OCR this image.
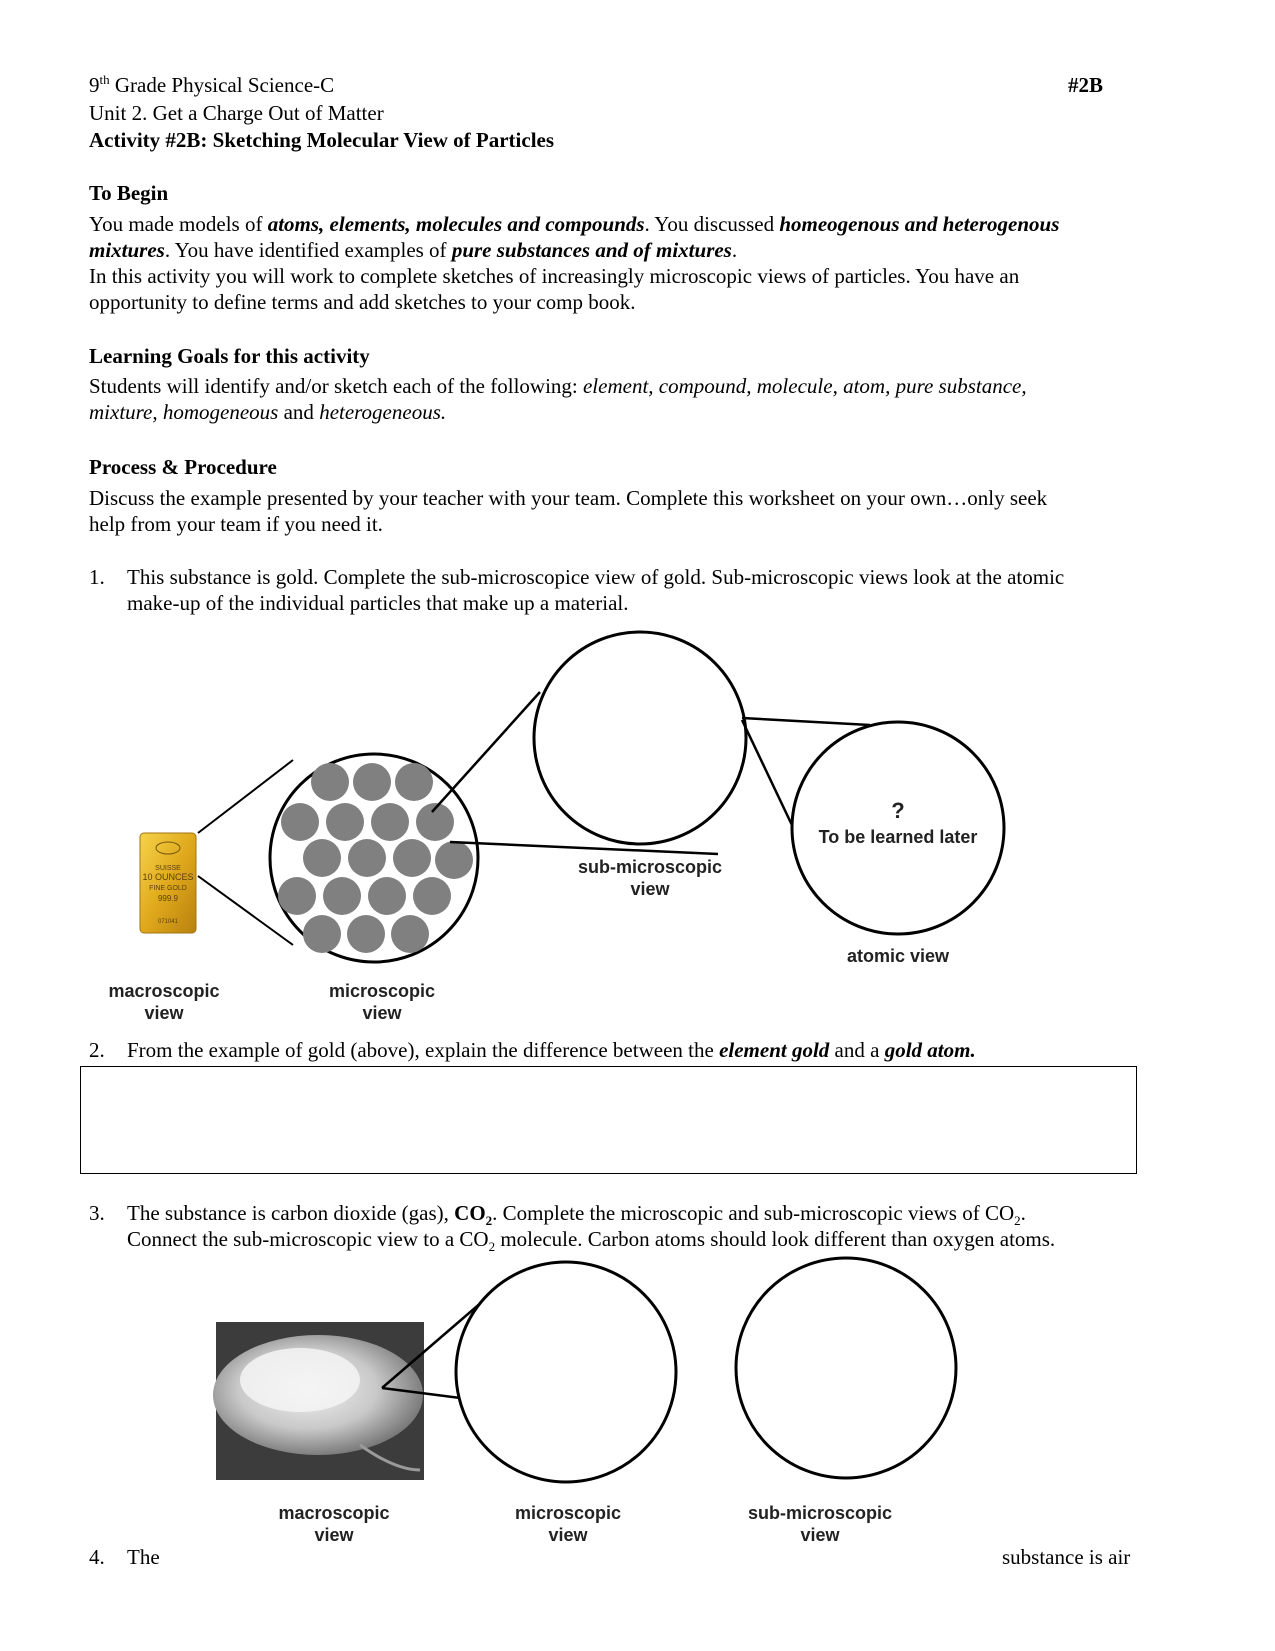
9th Grade Physical Science-C	#2B
Unit 2. Get a Charge Out of Matter
Activity #2B: Sketching Molecular View of Particles
To Begin
You made models of atoms, elements, molecules and compounds. You discussed homeogenous and heterogenous
mixtures. You have identified examples of pure substances and of mixtures.
In this activity you will work to complete sketches of increasingly microscopic views of particles. You have an
opportunity to define terms and add sketches to your comp book.
Learning Goals for this activity
Students will identify and/or sketch each of the following: element, compound, molecule, atom, pure substance,
mixture, homogeneous and heterogeneous.
Process & Procedure
Discuss the example presented by your teacher with your team. Complete this worksheet on your own…only seek
help from your team if you need it.
1. This substance is gold. Complete the sub-microscopice view of gold. Sub-microscopic views look at the atomic
make-up of the individual particles that make up a material.
SUISSE
10 OUNCES
FINE GOLD
999.9
071041
macroscopic
view
microscopic
view
sub-microscopic
view
?
To be learned later
atomic view
2. From the example of gold (above), explain the difference between the element gold and a gold atom.
3. The substance is carbon dioxide (gas), $CO_2$. Complete the microscopic and sub-microscopic views of $CO_2$.
Connect the sub-microscopic view to a $CO_2$ molecule. Carbon atoms should look different than oxygen atoms.
macroscopic
view
microscopic
view
sub-microscopic
view
4. The	substance is air
